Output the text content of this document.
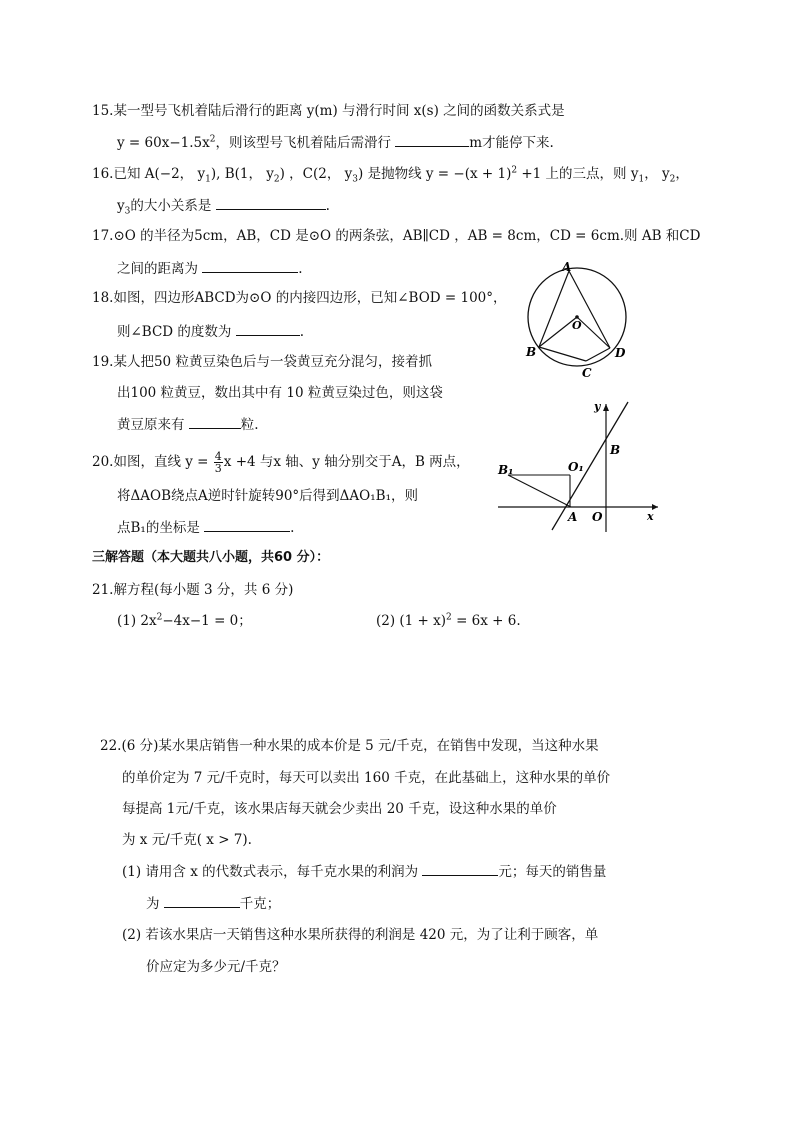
15.某一型号飞机着陆后滑行的距离 y(m) 与滑行时间 x(s) 之间的函数关系式是
$y = 60x-1.5x^2$，则该型号飞机着陆后需滑行	m才能停下来.
16.已知 A(−2， $y_1$), B(1， $y_2$) ，C(2， $y_3$) 是抛物线 $y = -(x + 1)^2 +1$ 上的三点，则 $y_1$， $y_2$，
$y_3$的大小关系是	.
17.⊙O 的半径为5cm，AB，CD 是⊙O 的两条弦，AB∥CD ，AB = 8cm，CD = 6cm.则 AB 和CD
之间的距离为	.
18.如图，四边形ABCD为⊙O 的内接四边形，已知∠BOD = 100°，
则∠BCD 的度数为	.
19.某人把50 粒黄豆染色后与一袋黄豆充分混匀，接着抓
出100 粒黄豆，数出其中有 10 粒黄豆染过色，则这袋
黄豆原来有	粒.
20.如图，直线 $y = \frac{4}{3}$ x +4 与x 轴、y 轴分别交于A，B 两点，
将ΔAOB绕点A逆时针旋转90°后得到ΔAO₁B₁，则
点B₁的坐标是	.
A
B
C
D
O
y
x
B
B₁	O₁
A O
三解答题（本大题共八小题，共60 分）：
21.解方程(每小题 3 分，共 6 分)
(1) $2x^2-4x-1 = 0$；	(2) $(1 + x)^2 = 6x + 6$.
22.(6 分)某水果店销售一种水果的成本价是 5 元/千克，在销售中发现，当这种水果
的单价定为 7 元/千克时，每天可以卖出 160 千克，在此基础上，这种水果的单价
每提高 1元/千克，该水果店每天就会少卖出 20 千克，设这种水果的单价
为 x 元/千克( x > 7).
(1) 请用含 x 的代数式表示，每千克水果的利润为	元；每天的销售量
为	千克；
(2) 若该水果店一天销售这种水果所获得的利润是 420 元，为了让利于顾客，单
价应定为多少元/千克？
